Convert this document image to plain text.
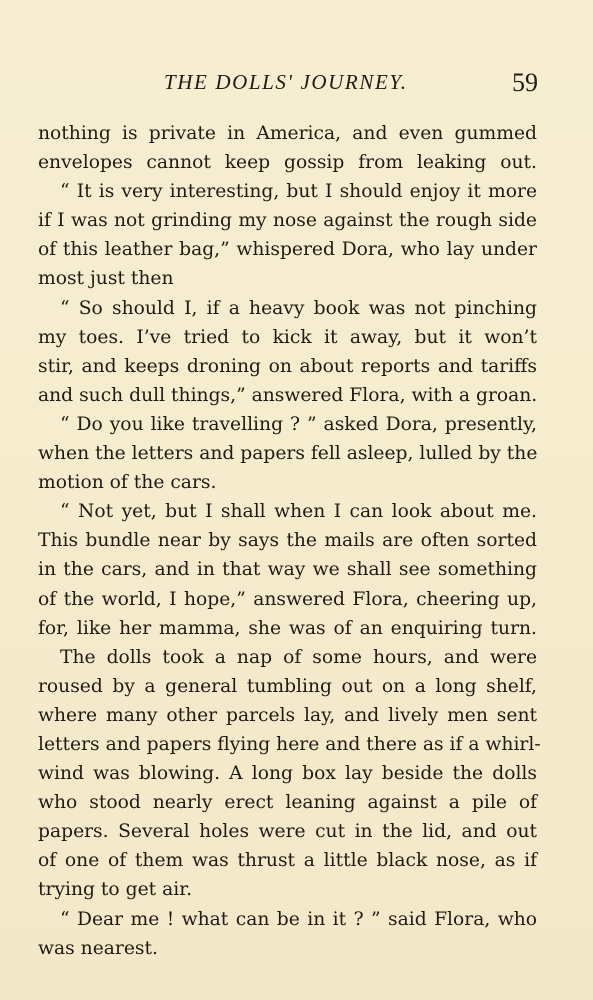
THE DOLLS' JOURNEY.	59
nothing is private in America, and even gummed
envelopes cannot keep gossip from leaking out.
“ It is very interesting, but I should enjoy it more
if I was not grinding my nose against the rough side
of this leather bag,” whispered Dora, who lay under
most just then
“ So should I, if a heavy book was not pinching
my toes. I’ve tried to kick it away, but it won’t
stir, and keeps droning on about reports and tariffs
and such dull things,” answered Flora, with a groan.
“ Do you like travelling ? ” asked Dora, presently,
when the letters and papers fell asleep, lulled by the
motion of the cars.
“ Not yet, but I shall when I can look about me.
This bundle near by says the mails are often sorted
in the cars, and in that way we shall see something
of the world, I hope,” answered Flora, cheering up,
for, like her mamma, she was of an enquiring turn.
The dolls took a nap of some hours, and were
roused by a general tumbling out on a long shelf,
where many other parcels lay, and lively men sent
letters and papers flying here and there as if a whirl-
wind was blowing. A long box lay beside the dolls
who stood nearly erect leaning against a pile of
papers. Several holes were cut in the lid, and out
of one of them was thrust a little black nose, as if
trying to get air.
“ Dear me ! what can be in it ? ” said Flora, who
was nearest.
